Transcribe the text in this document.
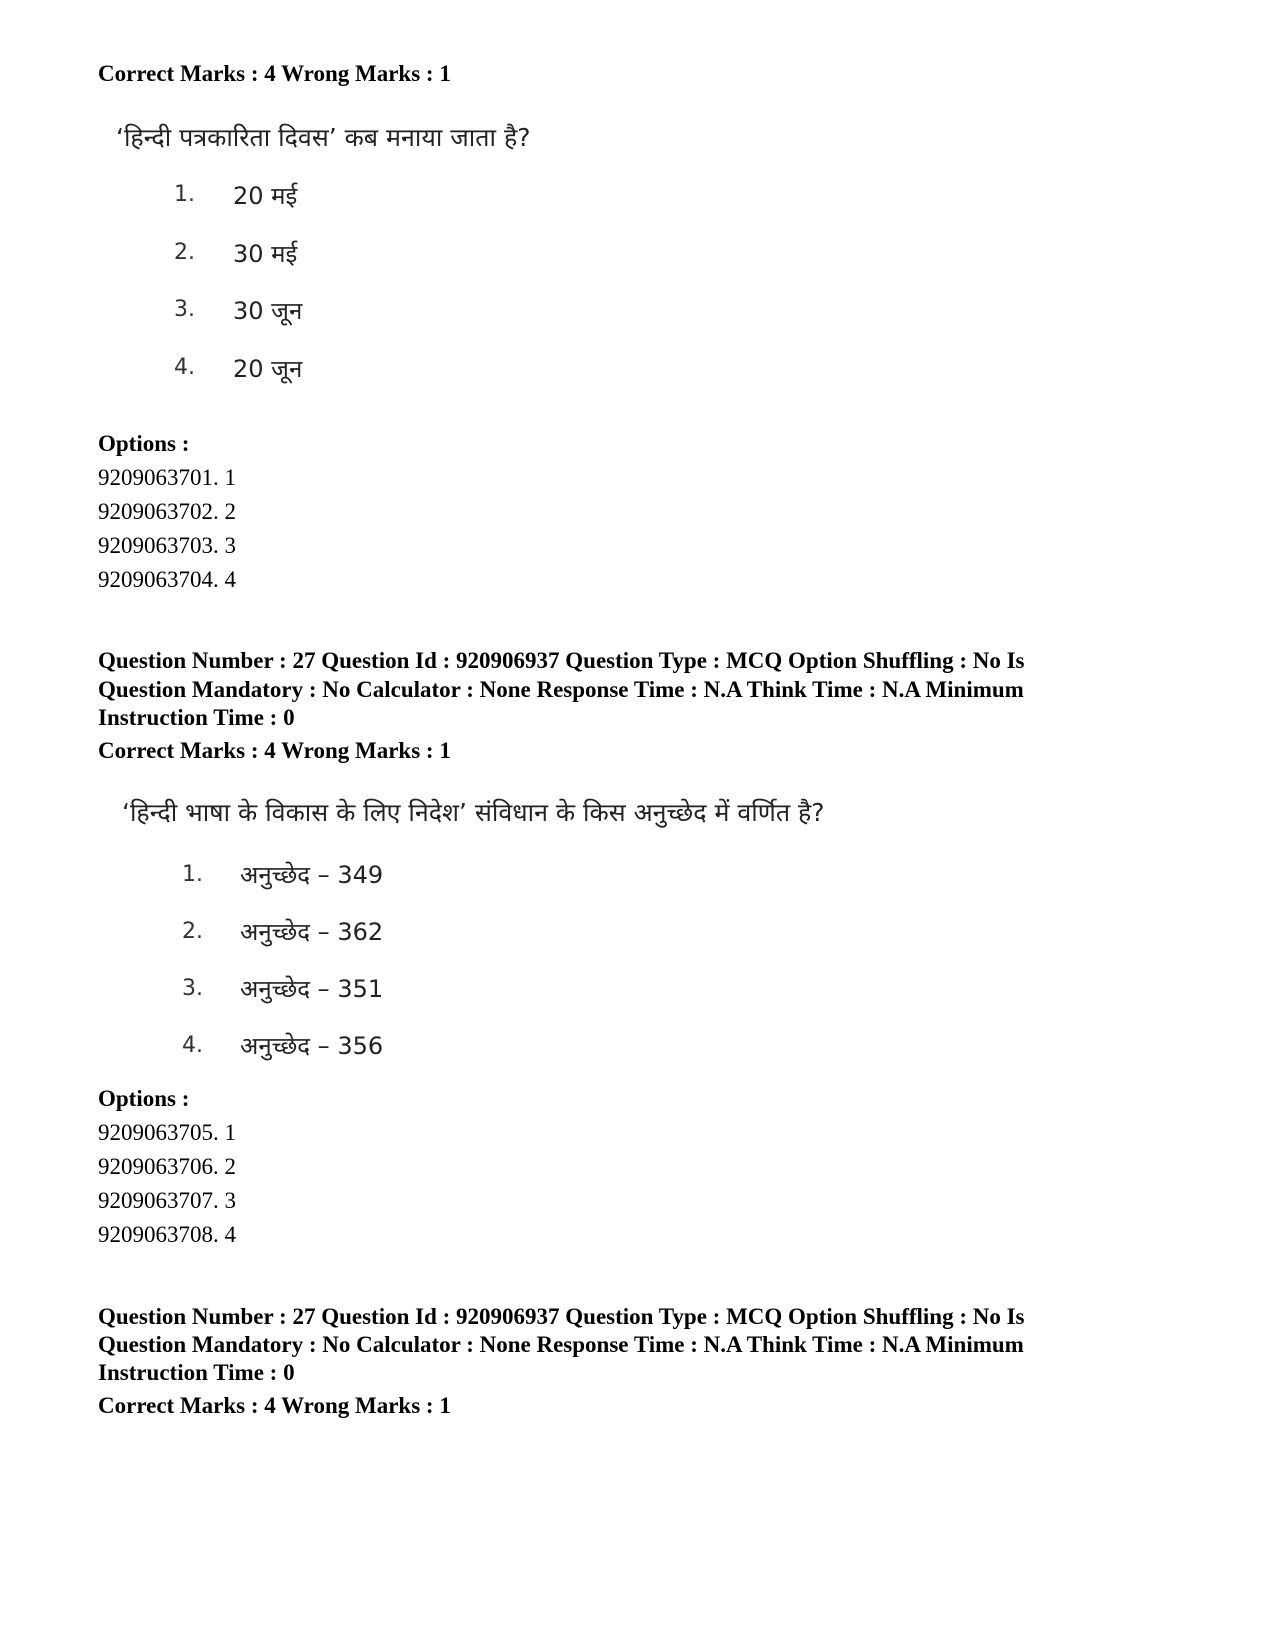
Correct Marks : 4 Wrong Marks : 1
‘हिन्दी पत्रकारिता दिवस’ कब मनाया जाता है?
1. 20 मई
2. 30 मई
3. 30 जून
4. 20 जून
Options :
9209063701. 1
9209063702. 2
9209063703. 3
9209063704. 4
Question Number : 27 Question Id : 920906937 Question Type : MCQ Option Shuffling : No Is
Question Mandatory : No Calculator : None Response Time : N.A Think Time : N.A Minimum
Instruction Time : 0
Correct Marks : 4 Wrong Marks : 1
‘हिन्दी भाषा के विकास के लिए निदेश’ संविधान के किस अनुच्छेद में वर्णित है?
1. अनुच्छेद – 349
2. अनुच्छेद – 362
3. अनुच्छेद – 351
4. अनुच्छेद – 356
Options :
9209063705. 1
9209063706. 2
9209063707. 3
9209063708. 4
Question Number : 27 Question Id : 920906937 Question Type : MCQ Option Shuffling : No Is
Question Mandatory : No Calculator : None Response Time : N.A Think Time : N.A Minimum
Instruction Time : 0
Correct Marks : 4 Wrong Marks : 1
